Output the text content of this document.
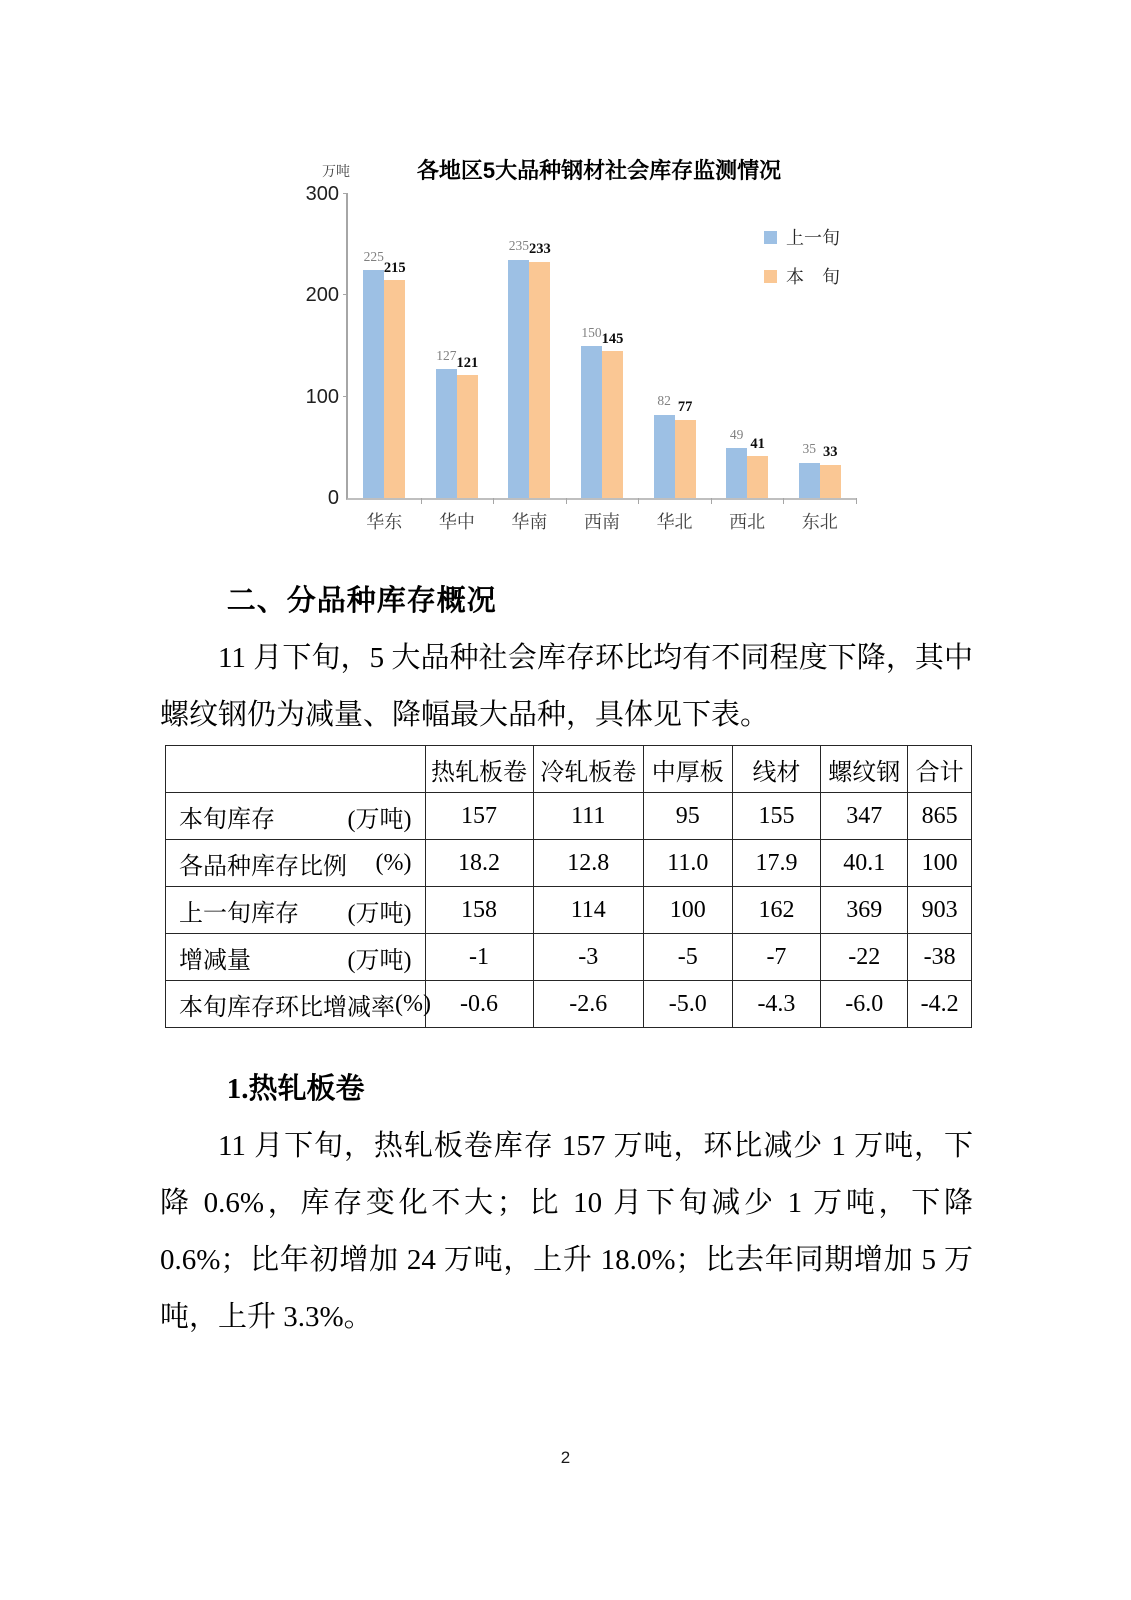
万吨	各地区5大品种钢材社会库存监测情况
0
100
200
300
225
215
华东
127 121
华中
235 233
华南
150 145
西南
82 77
华北
49
41
西北
35 33
东北
上一旬
本　旬
二、分品种库存概况

11 月下旬，5 大品种社会库存环比均有不同程度下降，其中螺纹钢仍为减量、降幅最大品种，具体见下表。

	热轧板卷	冷轧板卷	中厚板	线材	螺纹钢	合计

本旬库存 (万吨)	157	111	95	155	347	865

各品种库存比例 (%)	18.2	12.8	11.0	17.9	40.1	100

上一旬库存 (万吨)	158	114	100	162	369	903

增减量 (万吨)	-1	-3	-5	-7	-22	-38

本旬库存环比增减率 (%)	-0.6	-2.6	-5.0	-4.3	-6.0	-4.2
1.热轧板卷

11 月下旬，热轧板卷库存 157 万吨，环比减少 1 万吨，下降 0.6%，库存变化不大；比 10 月下旬减少 1 万吨，下降 0.6%；比年初增加 24 万吨，上升 18.0%；比去年同期增加 5 万吨，上升 3.3%。

2
